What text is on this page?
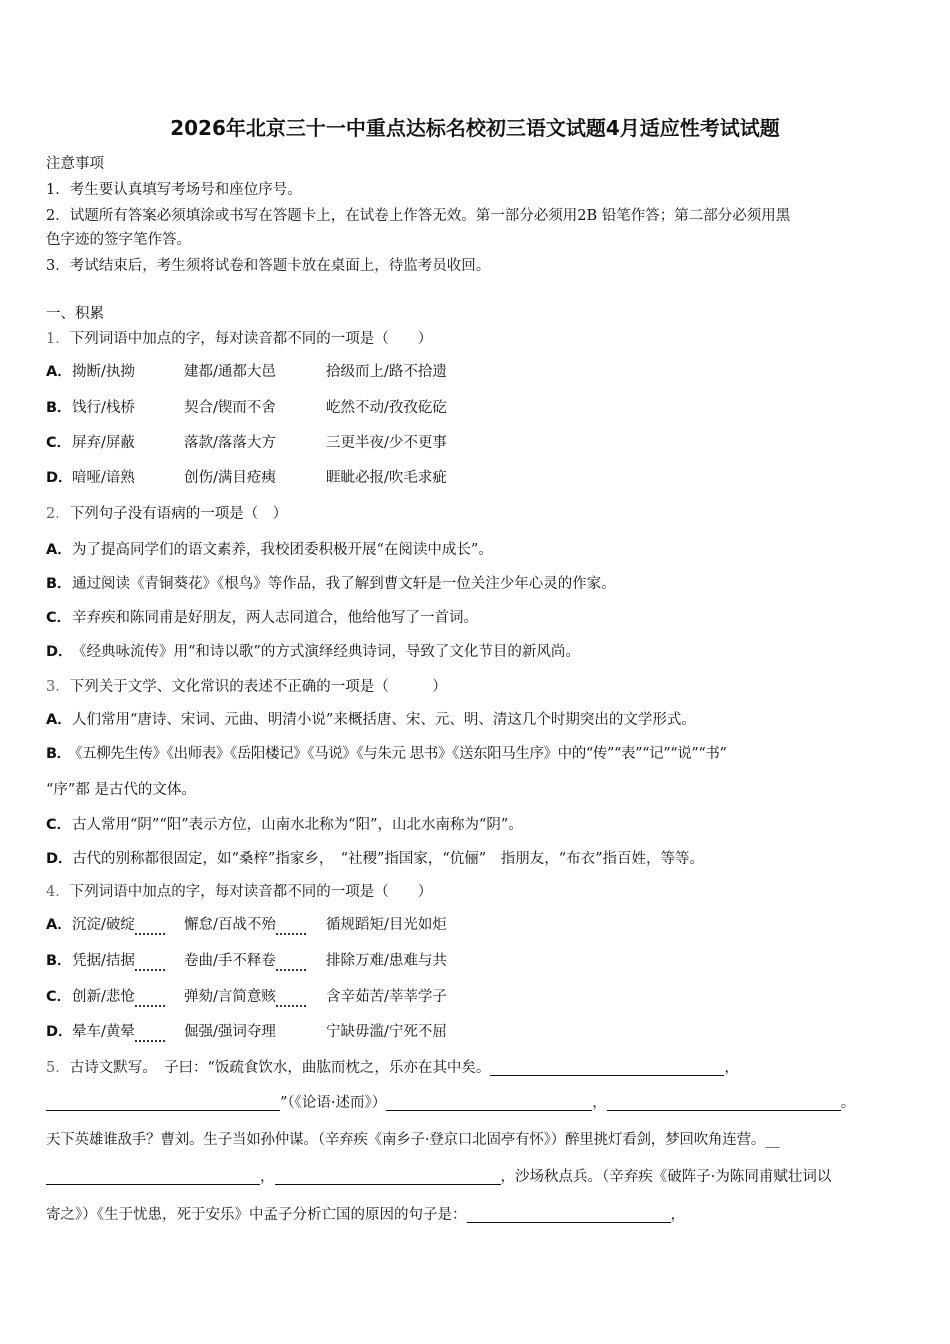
2026年北京三十一中重点达标名校初三语文试题4月适应性考试试题
注意事项
1．考生要认真填写考场号和座位序号。
2．试题所有答案必须填涂或书写在答题卡上，在试卷上作答无效。第一部分必须用2B 铅笔作答；第二部分必须用黑
色字迹的签字笔作答。
3．考试结束后，考生须将试卷和答题卡放在桌面上，待监考员收回。
一、积累
1．下列词语中加点的字，每对读音都不同的一项是（　　）
A．拗断/执拗	建都/通都大邑	拾级而上/路不拾遗
B．饯行/栈桥	契合/锲而不舍	屹然不动/孜孜矻矻
C．屏弃/屏蔽	落款/落落大方	三更半夜/少不更事
D．喑哑/谙熟	创伤/满目疮痍	睚眦必报/吹毛求疵
2．下列句子没有语病的一项是（　）
A．为了提高同学们的语文素养，我校团委积极开展“在阅读中成长”。
B．通过阅读《青铜葵花》《根鸟》等作品，我了解到曹文轩是一位关注少年心灵的作家。
C．辛弃疾和陈同甫是好朋友，两人志同道合，他给他写了一首词。
D．《经典咏流传》用“和诗以歌”的方式演绎经典诗词，导致了文化节目的新风尚。
3．下列关于文学、文化常识的表述不正确的一项是（　　　）
A．人们常用“唐诗、宋词、元曲、明清小说”来概括唐、宋、元、明、清这几个时期突出的文学形式。
B．《五柳先生传》《出师表》《岳阳楼记》《马说》《与朱元 思书》《送东阳马生序》中的“传”“表”“记”“说”“书”
“序”都 是古代的文体。
C．古人常用“阴”“阳”表示方位，山南水北称为“阳”，山北水南称为“阴”。
D．古代的别称都很固定，如“桑梓”指家乡，　“社稷”指国家，“伉俪”　指朋友，“布衣”指百姓，等等。
4．下列词语中加点的字，每对读音都不同的一项是（　　）
A．沉淀/破绽	懈怠/百战不殆	循规蹈矩/目光如炬
B．凭据/拮据	卷曲/手不释卷	排除万难/患难与共
C．创新/悲怆	弹劾/言简意赅	含辛茹苦/莘莘学子
D．晕车/黄晕	倔强/强词夺理	宁缺毋滥/宁死不屈
5．古诗文默写。　子曰：“饭疏食饮水，曲肱而枕之，乐亦在其中矣。	，
”（《论语·述而》）	，	。
天下英雄谁敌手？曹刘。生子当如孙仲谋。（辛弃疾《南乡子·登京口北固亭有怀》）醉里挑灯看剑，梦回吹角连营。__
，	，沙场秋点兵。（辛弃疾《破阵子·为陈同甫赋壮词以
寄之》）《生于忧患，死于安乐》中孟子分析亡国的原因的句子是：	，
